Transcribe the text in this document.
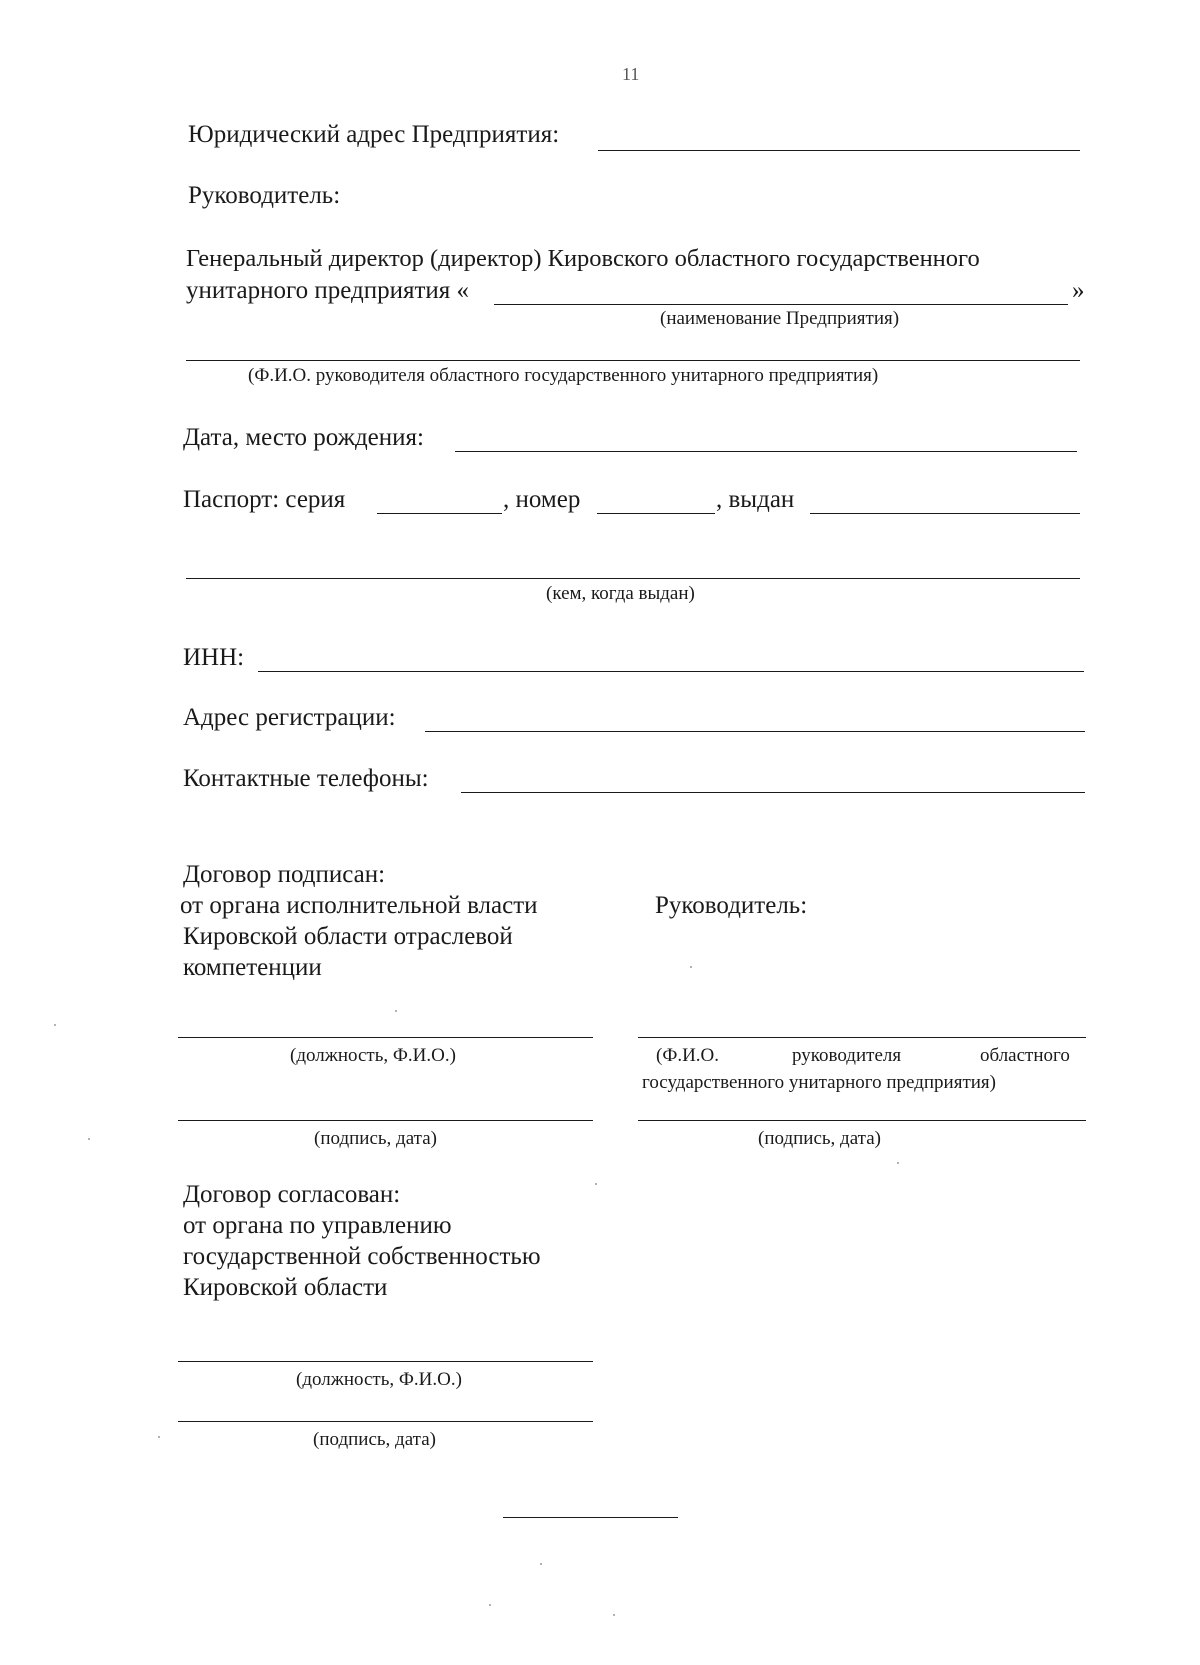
11
Юридический адрес Предприятия:
Руководитель:
Генеральный директор (директор) Кировского областного государственного
унитарного предприятия «	»
(наименование Предприятия)
(Ф.И.О. руководителя областного государственного унитарного предприятия)
Дата, место рождения:
Паспорт: серия	, номер	, выдан
(кем, когда выдан)
ИНН:
Адрес регистрации:
Контактные телефоны:
Договор подписан:
от органа исполнительной власти
Кировской области отраслевой
компетенции
(должность, Ф.И.О.)
(подпись, дата)
Руководитель:
(Ф.И.О.	руководителя	областного
государственного унитарного предприятия)
(подпись, дата)
Договор согласован:
от органа по управлению
государственной собственностью
Кировской области
(должность, Ф.И.О.)
(подпись, дата)
